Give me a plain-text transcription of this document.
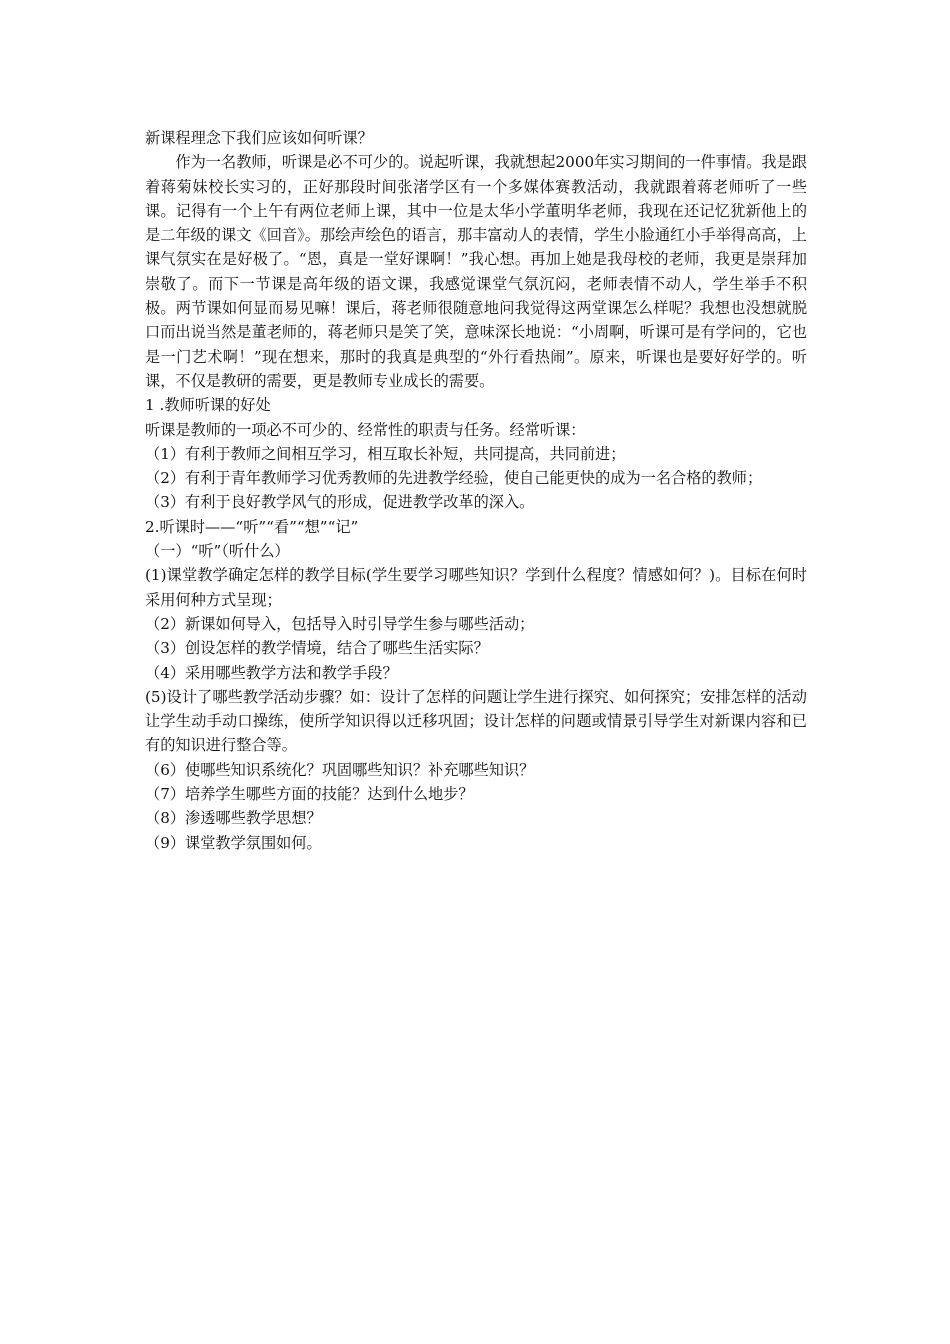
新课程理念下我们应该如何听课？

作为一名教师，听课是必不可少的。说起听课，我就想起2000年实习期间的一件事情。我是跟着蒋菊妹校长实习的，正好那段时间张渚学区有一个多媒体赛教活动，我就跟着蒋老师听了一些课。记得有一个上午有两位老师上课，其中一位是太华小学董明华老师，我现在还记忆犹新他上的是二年级的课文《回音》。那绘声绘色的语言，那丰富动人的表情，学生小脸通红小手举得高高，上课气氛实在是好极了。“恩，真是一堂好课啊！”我心想。再加上她是我母校的老师，我更是崇拜加崇敬了。而下一节课是高年级的语文课，我感觉课堂气氛沉闷，老师表情不动人，学生举手不积极。两节课如何显而易见嘛！课后，蒋老师很随意地问我觉得这两堂课怎么样呢？我想也没想就脱口而出说当然是董老师的，蒋老师只是笑了笑，意味深长地说：“小周啊，听课可是有学问的，它也是一门艺术啊！”现在想来，那时的我真是典型的“外行看热闹”。原来，听课也是要好好学的。听课，不仅是教研的需要，更是教师专业成长的需要。

1 .教师听课的好处

听课是教师的一项必不可少的、经常性的职责与任务。经常听课：

（1）有利于教师之间相互学习，相互取长补短，共同提高，共同前进；

（2）有利于青年教师学习优秀教师的先进教学经验，使自己能更快的成为一名合格的教师；

（3）有利于良好教学风气的形成，促进教学改革的深入。

2.听课时——“听”“看”“想”“记”

（一）“听”（听什么）

(1)课堂教学确定怎样的教学目标(学生要学习哪些知识？学到什么程度？情感如何？)。目标在何时采用何种方式呈现；

（2）新课如何导入，包括导入时引导学生参与哪些活动；

（3）创设怎样的教学情境，结合了哪些生活实际？

（4）采用哪些教学方法和教学手段？

(5)设计了哪些教学活动步骤？如：设计了怎样的问题让学生进行探究、如何探究；安排怎样的活动让学生动手动口操练，使所学知识得以迁移巩固；设计怎样的问题或情景引导学生对新课内容和已有的知识进行整合等。

（6）使哪些知识系统化？巩固哪些知识？补充哪些知识？

（7）培养学生哪些方面的技能？达到什么地步？

（8）渗透哪些教学思想？

（9）课堂教学氛围如何。
